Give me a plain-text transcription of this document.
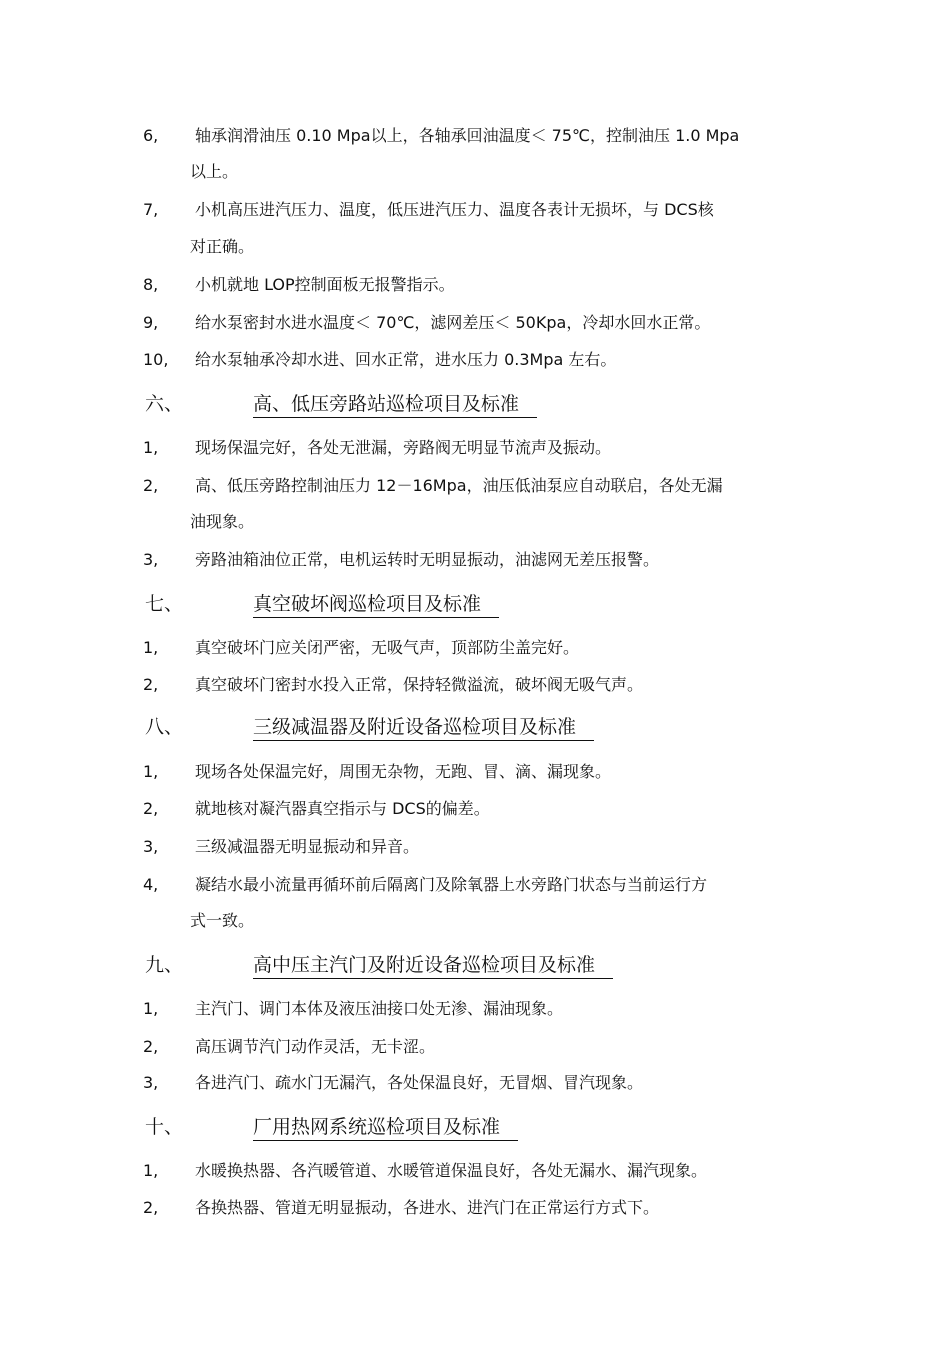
6, 轴承润滑油压 0.10 Mpa以上，各轴承回油温度＜ 75℃，控制油压 1.0 Mpa
以上。
7, 小机高压进汽压力、温度，低压进汽压力、温度各表计无损坏，与 DCS核
对正确。
8, 小机就地 LOP控制面板无报警指示。
9, 给水泵密封水进水温度＜ 70℃，滤网差压＜ 50Kpa，冷却水回水正常。
10, 给水泵轴承冷却水进、回水正常，进水压力 0.3Mpa 左右。
六、	高、低压旁路站巡检项目及标准
1, 现场保温完好，各处无泄漏，旁路阀无明显节流声及振动。
2, 高、低压旁路控制油压力 12－16Mpa，油压低油泵应自动联启，各处无漏
油现象。
3, 旁路油箱油位正常，电机运转时无明显振动，油滤网无差压报警。
七、	真空破坏阀巡检项目及标准
1, 真空破坏门应关闭严密，无吸气声，顶部防尘盖完好。
2, 真空破坏门密封水投入正常，保持轻微溢流，破坏阀无吸气声。
八、	三级减温器及附近设备巡检项目及标准
1, 现场各处保温完好，周围无杂物，无跑、冒、滴、漏现象。
2, 就地核对凝汽器真空指示与 DCS的偏差。
3, 三级减温器无明显振动和异音。
4, 凝结水最小流量再循环前后隔离门及除氧器上水旁路门状态与当前运行方
式一致。
九、	高中压主汽门及附近设备巡检项目及标准
1, 主汽门、调门本体及液压油接口处无渗、漏油现象。
2, 高压调节汽门动作灵活，无卡涩。
3, 各进汽门、疏水门无漏汽，各处保温良好，无冒烟、冒汽现象。
十、	厂用热网系统巡检项目及标准
1, 水暖换热器、各汽暖管道、水暖管道保温良好，各处无漏水、漏汽现象。
2, 各换热器、管道无明显振动，各进水、进汽门在正常运行方式下。
